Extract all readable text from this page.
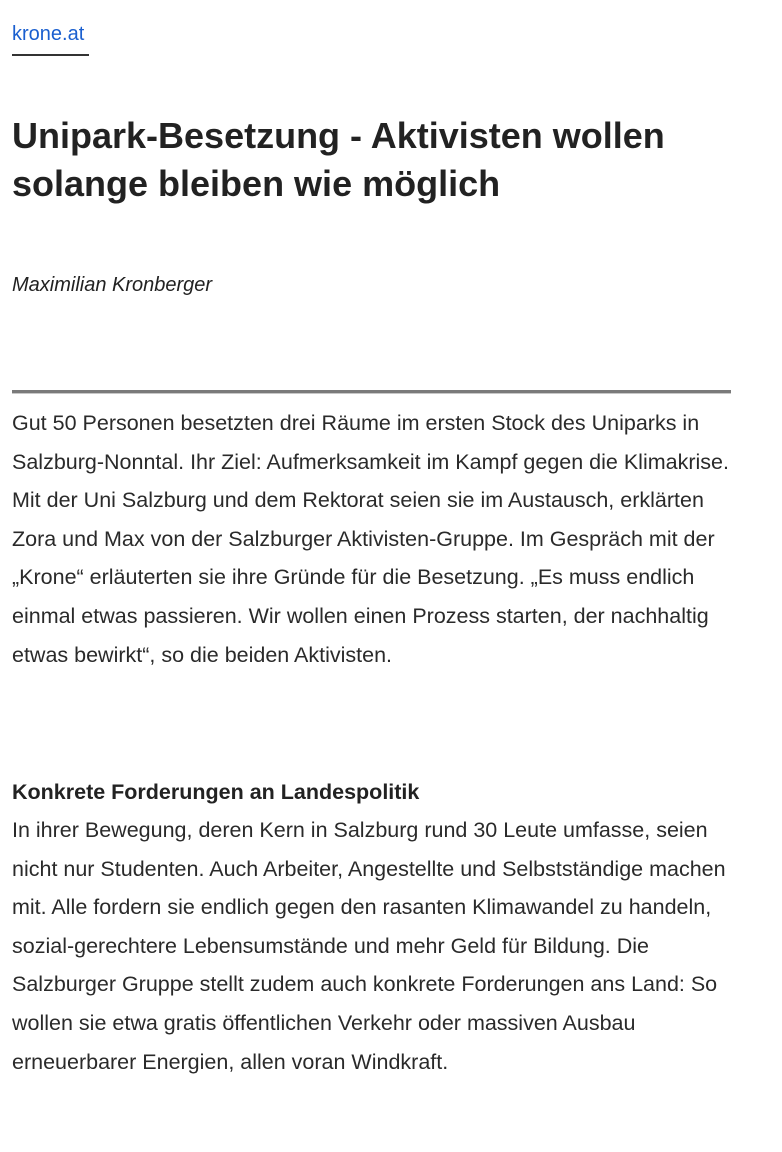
krone.at
Unipark-Besetzung - Aktivisten wollen solange bleiben wie möglich
Maximilian Kronberger

Gut 50 Personen besetzten drei Räume im ersten Stock des Uniparks in Salzburg-Nonntal. Ihr Ziel: Aufmerksamkeit im Kampf gegen die Klimakrise. Mit der Uni Salzburg und dem Rektorat seien sie im Austausch, erklärten Zora und Max von der Salzburger Aktivisten-Gruppe. Im Gespräch mit der „Krone“ erläuterten sie ihre Gründe für die Besetzung. „Es muss endlich einmal etwas passieren. Wir wollen einen Prozess starten, der nachhaltig etwas bewirkt“, so die beiden Aktivisten.

Konkrete Forderungen an Landespolitik

In ihrer Bewegung, deren Kern in Salzburg rund 30 Leute umfasse, seien nicht nur Studenten. Auch Arbeiter, Angestellte und Selbstständige machen mit. Alle fordern sie endlich gegen den rasanten Klimawandel zu handeln, sozial-gerechtere Lebensumstände und mehr Geld für Bildung. Die Salzburger Gruppe stellt zudem auch konkrete Forderungen ans Land: So wollen sie etwa gratis öffentlichen Verkehr oder massiven Ausbau erneuerbarer Energien, allen voran Windkraft.
